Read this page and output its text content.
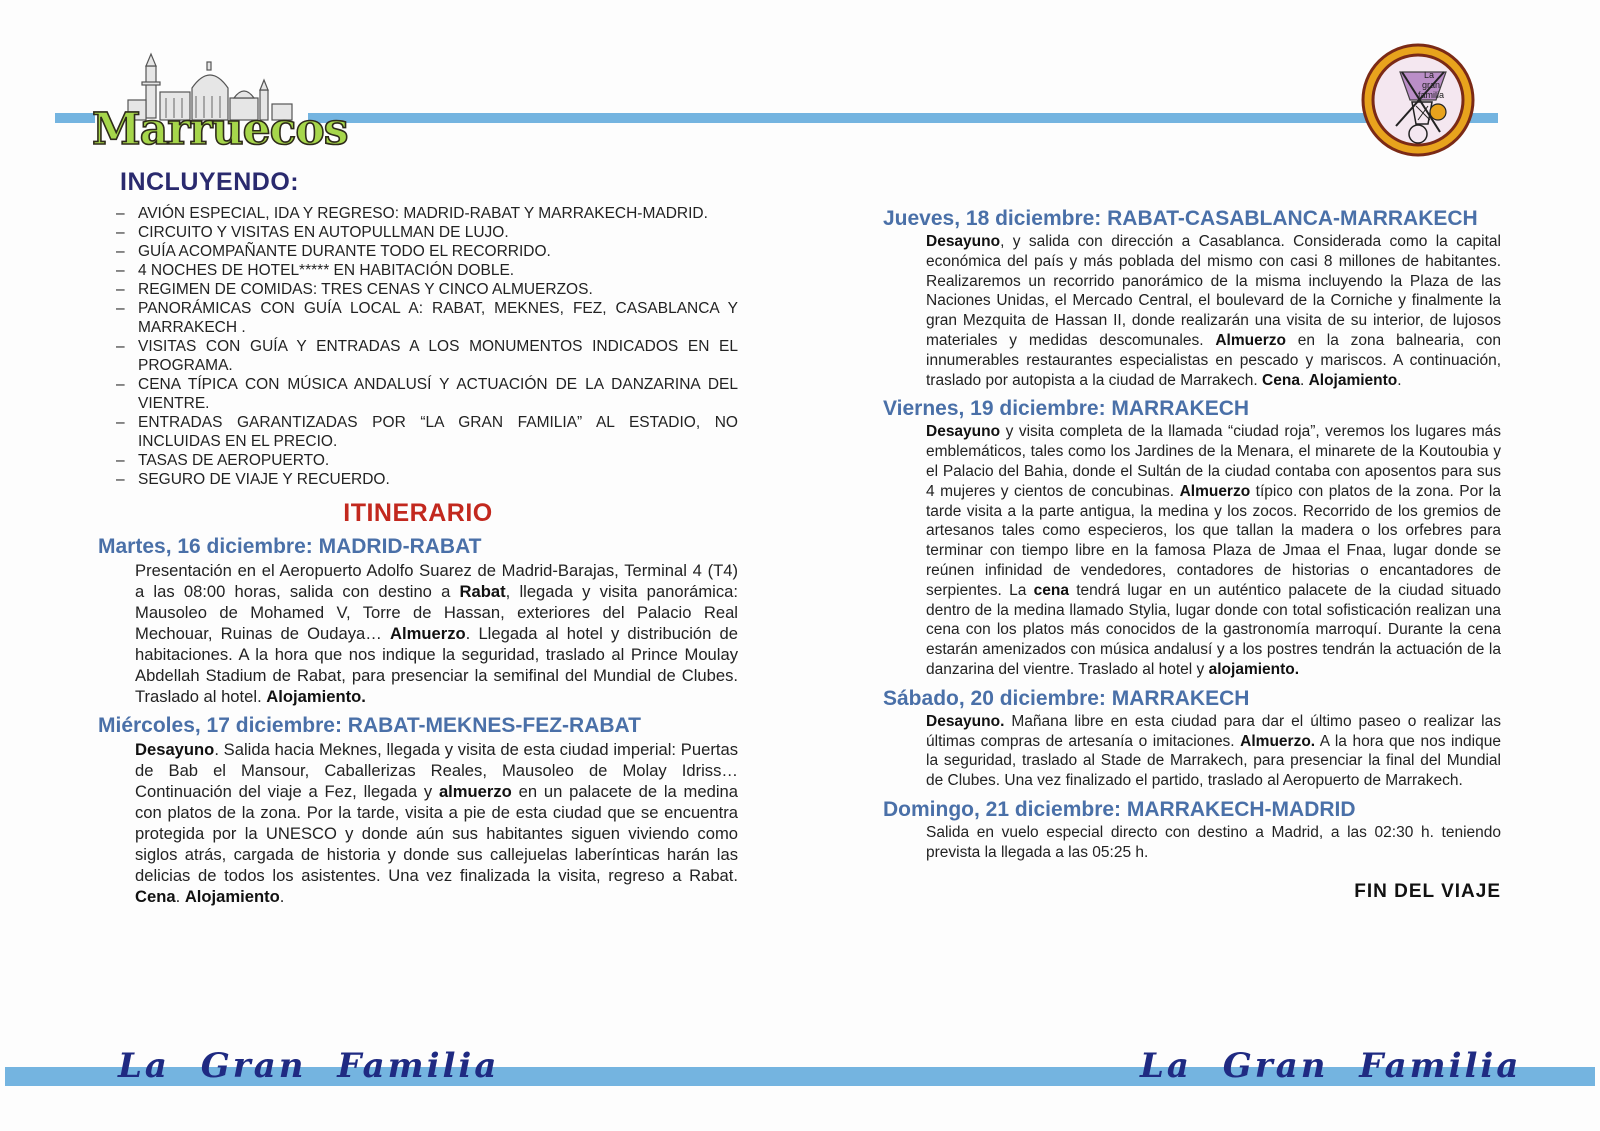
Marruecos
La
gran
familia
La Gran Familia	La Gran Familia
INCLUYENDO:
– AVIÓN ESPECIAL, IDA Y REGRESO: MADRID-RABAT Y MARRAKECH-MADRID.
– CIRCUITO Y VISITAS EN AUTOPULLMAN DE LUJO.
– GUÍA ACOMPAÑANTE DURANTE TODO EL RECORRIDO.
– 4 NOCHES DE HOTEL***** EN HABITACIÓN DOBLE.
– REGIMEN DE COMIDAS: TRES CENAS Y CINCO ALMUERZOS.
– PANORÁMICAS CON GUÍA LOCAL A: RABAT, MEKNES, FEZ, CASABLANCA Y MARRAKECH .
– VISITAS CON GUÍA Y ENTRADAS A LOS MONUMENTOS INDICADOS EN EL PROGRAMA.
– CENA TÍPICA CON MÚSICA ANDALUSÍ Y ACTUACIÓN DE LA DANZARINA DEL VIENTRE.
– ENTRADAS GARANTIZADAS POR “LA GRAN FAMILIA” AL ESTADIO, NO INCLUIDAS EN EL PRECIO.
– TASAS DE AEROPUERTO.
– SEGURO DE VIAJE Y RECUERDO.
ITINERARIO
Martes, 16 diciembre: MADRID-RABAT

Presentación en el Aeropuerto Adolfo Suarez de Madrid-Barajas, Terminal 4 (T4) a las 08:00 horas, salida con destino a Rabat, llegada y visita panorámica: Mausoleo de Mohamed V, Torre de Hassan, exteriores del Palacio Real Mechouar, Ruinas de Oudaya… Almuerzo. Llegada al hotel y distribución de habitaciones. A la hora que nos indique la seguridad, traslado al Prince Moulay Abdellah Stadium de Rabat, para presenciar la semifinal del Mundial de Clubes. Traslado al hotel. Alojamiento.

Miércoles, 17 diciembre: RABAT-MEKNES-FEZ-RABAT

Desayuno. Salida hacia Meknes, llegada y visita de esta ciudad imperial: Puertas de Bab el Mansour, Caballerizas Reales, Mausoleo de Molay Idriss… Continuación del viaje a Fez, llegada y almuerzo en un palacete de la medina con platos de la zona. Por la tarde, visita a pie de esta ciudad que se encuentra protegida por la UNESCO y donde aún sus habitantes siguen viviendo como siglos atrás, cargada de historia y donde sus callejuelas laberínticas harán las delicias de todos los asistentes. Una vez finalizada la visita, regreso a Rabat. Cena. Alojamiento.

Jueves, 18 diciembre: RABAT-CASABLANCA-MARRAKECH

Desayuno, y salida con dirección a Casablanca. Considerada como la capital económica del país y más poblada del mismo con casi 8 millones de habitantes. Realizaremos un recorrido panorámico de la misma incluyendo la Plaza de las Naciones Unidas, el Mercado Central, el boulevard de la Corniche y finalmente la gran Mezquita de Hassan II, donde realizarán una visita de su interior, de lujosos materiales y medidas descomunales. Almuerzo en la zona balnearia, con innumerables restaurantes especialistas en pescado y mariscos. A continuación, traslado por autopista a la ciudad de Marrakech. Cena. Alojamiento.

Viernes, 19 diciembre: MARRAKECH

Desayuno y visita completa de la llamada “ciudad roja”, veremos los lugares más emblemáticos, tales como los Jardines de la Menara, el minarete de la Koutoubia y el Palacio del Bahia, donde el Sultán de la ciudad contaba con aposentos para sus 4 mujeres y cientos de concubinas. Almuerzo típico con platos de la zona. Por la tarde visita a la parte antigua, la medina y los zocos. Recorrido de los gremios de artesanos tales como especieros, los que tallan la madera o los orfebres para terminar con tiempo libre en la famosa Plaza de Jmaa el Fnaa, lugar donde se reúnen infinidad de vendedores, contadores de historias o encantadores de serpientes. La cena tendrá lugar en un auténtico palacete de la ciudad situado dentro de la medina llamado Stylia, lugar donde con total sofisticación realizan una cena con los platos más conocidos de la gastronomía marroquí. Durante la cena estarán amenizados con música andalusí y a los postres tendrán la actuación de la danzarina del vientre. Traslado al hotel y alojamiento.

Sábado, 20 diciembre: MARRAKECH

Desayuno. Mañana libre en esta ciudad para dar el último paseo o realizar las últimas compras de artesanía o imitaciones. Almuerzo. A la hora que nos indique la seguridad, traslado al Stade de Marrakech, para presenciar la final del Mundial de Clubes. Una vez finalizado el partido, traslado al Aeropuerto de Marrakech.

Domingo, 21 diciembre: MARRAKECH-MADRID

Salida en vuelo especial directo con destino a Madrid, a las 02:30 h. teniendo prevista la llegada a las 05:25 h.

FIN DEL VIAJE
